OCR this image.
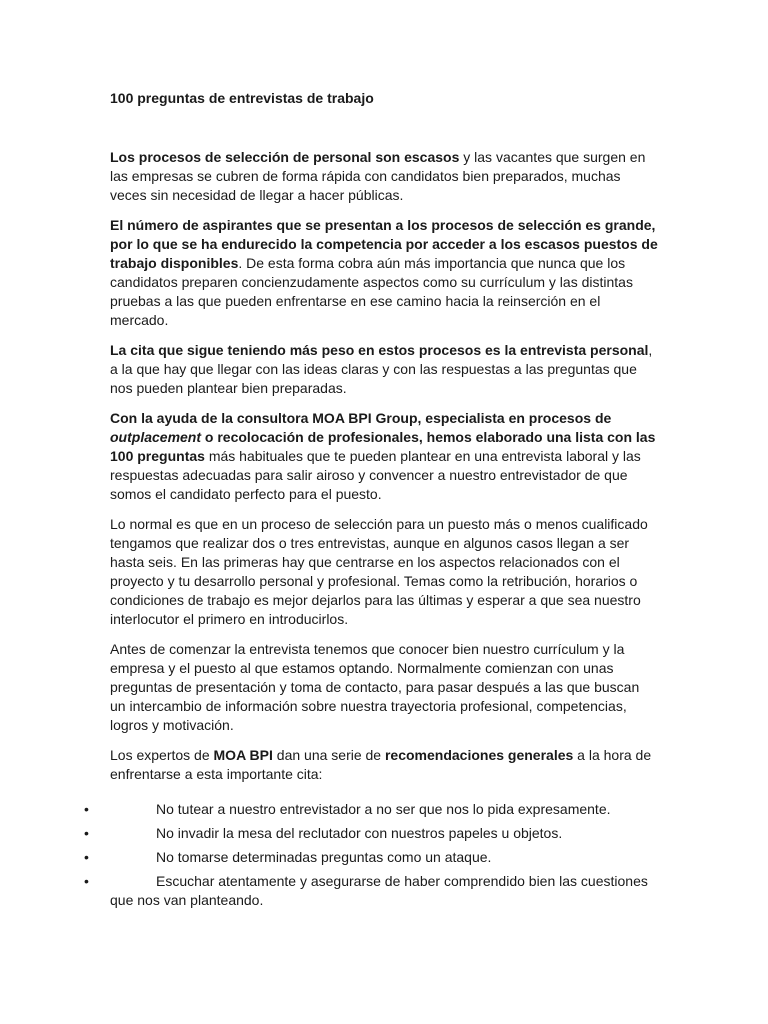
100 preguntas de entrevistas de trabajo

Los procesos de selección de personal son escasos y las vacantes que surgen en las empresas se cubren de forma rápida con candidatos bien preparados, muchas veces sin necesidad de llegar a hacer públicas.

El número de aspirantes que se presentan a los procesos de selección es grande, por lo que se ha endurecido la competencia por acceder a los escasos puestos de trabajo disponibles. De esta forma cobra aún más importancia que nunca que los candidatos preparen concienzudamente aspectos como su currículum y las distintas pruebas a las que pueden enfrentarse en ese camino hacia la reinserción en el mercado.

La cita que sigue teniendo más peso en estos procesos es la entrevista personal, a la que hay que llegar con las ideas claras y con las respuestas a las preguntas que nos pueden plantear bien preparadas.

Con la ayuda de la consultora MOA BPI Group, especialista en procesos de outplacement o recolocación de profesionales, hemos elaborado una lista con las 100 preguntas más habituales que te pueden plantear en una entrevista laboral y las respuestas adecuadas para salir airoso y convencer a nuestro entrevistador de que somos el candidato perfecto para el puesto.

Lo normal es que en un proceso de selección para un puesto más o menos cualificado tengamos que realizar dos o tres entrevistas, aunque en algunos casos llegan a ser hasta seis. En las primeras hay que centrarse en los aspectos relacionados con el proyecto y tu desarrollo personal y profesional. Temas como la retribución, horarios o condiciones de trabajo es mejor dejarlos para las últimas y esperar a que sea nuestro interlocutor el primero en introducirlos.

Antes de comenzar la entrevista tenemos que conocer bien nuestro currículum y la empresa y el puesto al que estamos optando. Normalmente comienzan con unas preguntas de presentación y toma de contacto, para pasar después a las que buscan un intercambio de información sobre nuestra trayectoria profesional, competencias, logros y motivación.

Los expertos de MOA BPI dan una serie de recomendaciones generales a la hora de enfrentarse a esta importante cita:

•	No tutear a nuestro entrevistador a no ser que nos lo pida expresamente.
•	No invadir la mesa del reclutador con nuestros papeles u objetos.
•	No tomarse determinadas preguntas como un ataque.
•	Escuchar atentamente y asegurarse de haber comprendido bien las cuestiones que nos van planteando.
